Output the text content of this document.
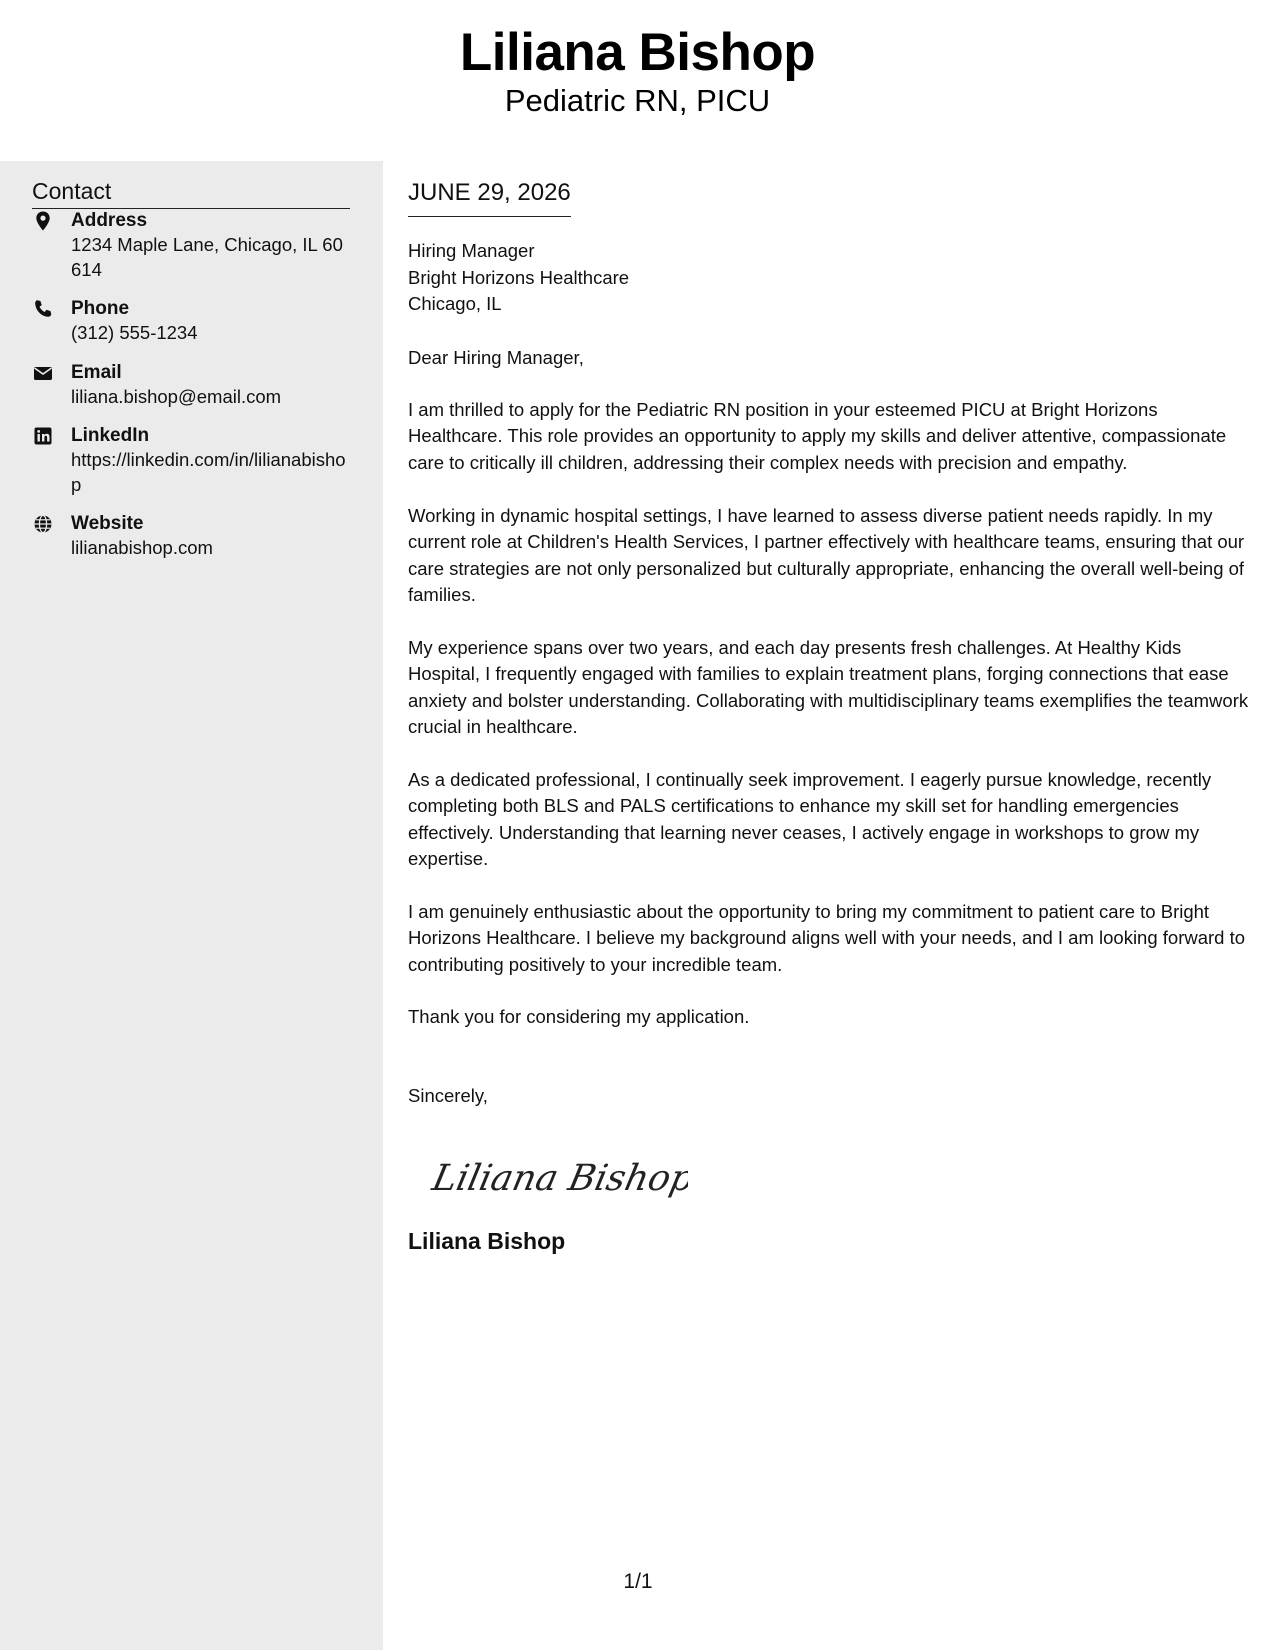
Liliana Bishop
Pediatric RN, PICU
Contact
Address
1234 Maple Lane, Chicago, IL 60614
Phone
(312) 555-1234
Email
liliana.bishop@email.com
LinkedIn
https://linkedin.com/in/lilianabishop
Website
lilianabishop.com
JUNE 29, 2026
Hiring Manager
Bright Horizons Healthcare
Chicago, IL
Dear Hiring Manager,
I am thrilled to apply for the Pediatric RN position in your esteemed PICU at Bright Horizons Healthcare. This role provides an opportunity to apply my skills and deliver attentive, compassionate care to critically ill children, addressing their complex needs with precision and empathy.
Working in dynamic hospital settings, I have learned to assess diverse patient needs rapidly. In my current role at Children's Health Services, I partner effectively with healthcare teams, ensuring that our care strategies are not only personalized but culturally appropriate, enhancing the overall well-being of families.
My experience spans over two years, and each day presents fresh challenges. At Healthy Kids Hospital, I frequently engaged with families to explain treatment plans, forging connections that ease anxiety and bolster understanding. Collaborating with multidisciplinary teams exemplifies the teamwork crucial in healthcare.
As a dedicated professional, I continually seek improvement. I eagerly pursue knowledge, recently completing both BLS and PALS certifications to enhance my skill set for handling emergencies effectively. Understanding that learning never ceases, I actively engage in workshops to grow my expertise.
I am genuinely enthusiastic about the opportunity to bring my commitment to patient care to Bright Horizons Healthcare. I believe my background aligns well with your needs, and I am looking forward to contributing positively to your incredible team.
Thank you for considering my application.
Sincerely,
Liliana Bishop
Liliana Bishop
1/1
